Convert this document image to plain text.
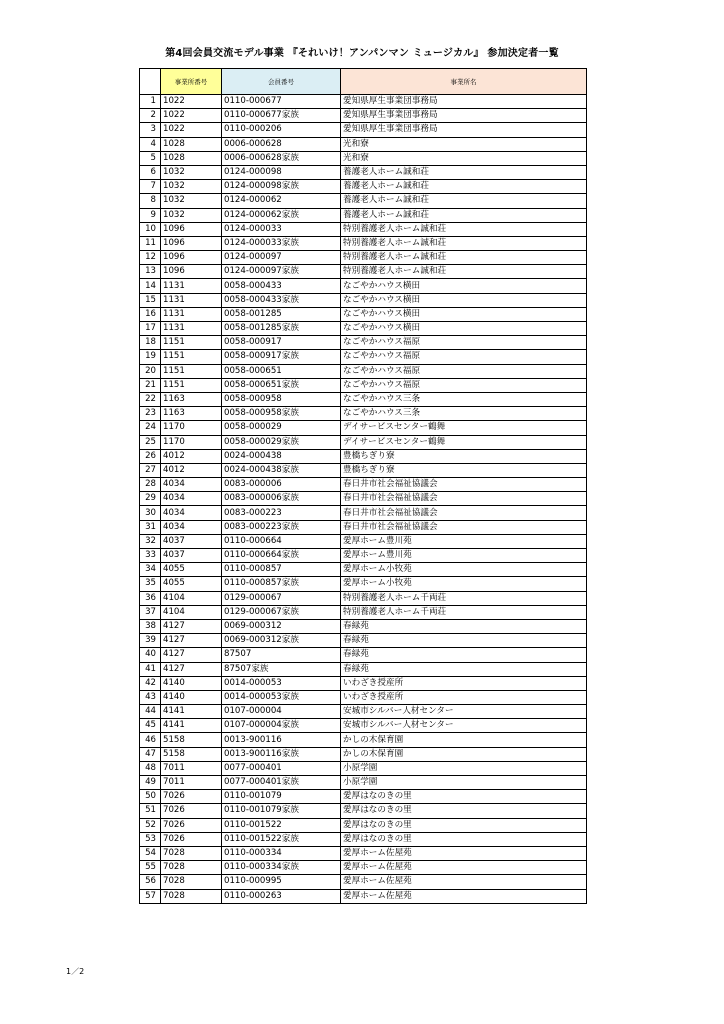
第4回会員交流モデル事業 『それいけ！アンパンマン ミュージカル』 参加決定者一覧
	事業所番号	会員番号	事業所名
1	1022	0110-000677	愛知県厚生事業団事務局
2	1022	0110-000677家族	愛知県厚生事業団事務局
3	1022	0110-000206	愛知県厚生事業団事務局
4	1028	0006-000628	光和寮
5	1028	0006-000628家族	光和寮
6	1032	0124-000098	養護老人ホーム誠和荘
7	1032	0124-000098家族	養護老人ホーム誠和荘
8	1032	0124-000062	養護老人ホーム誠和荘
9	1032	0124-000062家族	養護老人ホーム誠和荘
10	1096	0124-000033	特別養護老人ホーム誠和荘
11	1096	0124-000033家族	特別養護老人ホーム誠和荘
12	1096	0124-000097	特別養護老人ホーム誠和荘
13	1096	0124-000097家族	特別養護老人ホーム誠和荘
14	1131	0058-000433	なごやかハウス横田
15	1131	0058-000433家族	なごやかハウス横田
16	1131	0058-001285	なごやかハウス横田
17	1131	0058-001285家族	なごやかハウス横田
18	1151	0058-000917	なごやかハウス福原
19	1151	0058-000917家族	なごやかハウス福原
20	1151	0058-000651	なごやかハウス福原
21	1151	0058-000651家族	なごやかハウス福原
22	1163	0058-000958	なごやかハウス三条
23	1163	0058-000958家族	なごやかハウス三条
24	1170	0058-000029	デイサービスセンター鶴舞
25	1170	0058-000029家族	デイサービスセンター鶴舞
26	4012	0024-000438	豊橋ちぎり寮
27	4012	0024-000438家族	豊橋ちぎり寮
28	4034	0083-000006	春日井市社会福祉協議会
29	4034	0083-000006家族	春日井市社会福祉協議会
30	4034	0083-000223	春日井市社会福祉協議会
31	4034	0083-000223家族	春日井市社会福祉協議会
32	4037	0110-000664	愛厚ホーム豊川苑
33	4037	0110-000664家族	愛厚ホーム豊川苑
34	4055	0110-000857	愛厚ホーム小牧苑
35	4055	0110-000857家族	愛厚ホーム小牧苑
36	4104	0129-000067	特別養護老人ホーム千両荘
37	4104	0129-000067家族	特別養護老人ホーム千両荘
38	4127	0069-000312	春緑苑
39	4127	0069-000312家族	春緑苑
40	4127	87507	春緑苑
41	4127	87507家族	春緑苑
42	4140	0014-000053	いわざき授産所
43	4140	0014-000053家族	いわざき授産所
44	4141	0107-000004	安城市シルバー人材センター
45	4141	0107-000004家族	安城市シルバー人材センター
46	5158	0013-900116	かしの木保育園
47	5158	0013-900116家族	かしの木保育園
48	7011	0077-000401	小原学園
49	7011	0077-000401家族	小原学園
50	7026	0110-001079	愛厚はなのきの里
51	7026	0110-001079家族	愛厚はなのきの里
52	7026	0110-001522	愛厚はなのきの里
53	7026	0110-001522家族	愛厚はなのきの里
54	7028	0110-000334	愛厚ホーム佐屋苑
55	7028	0110-000334家族	愛厚ホーム佐屋苑
56	7028	0110-000995	愛厚ホーム佐屋苑
57	7028	0110-000263	愛厚ホーム佐屋苑
1／2
